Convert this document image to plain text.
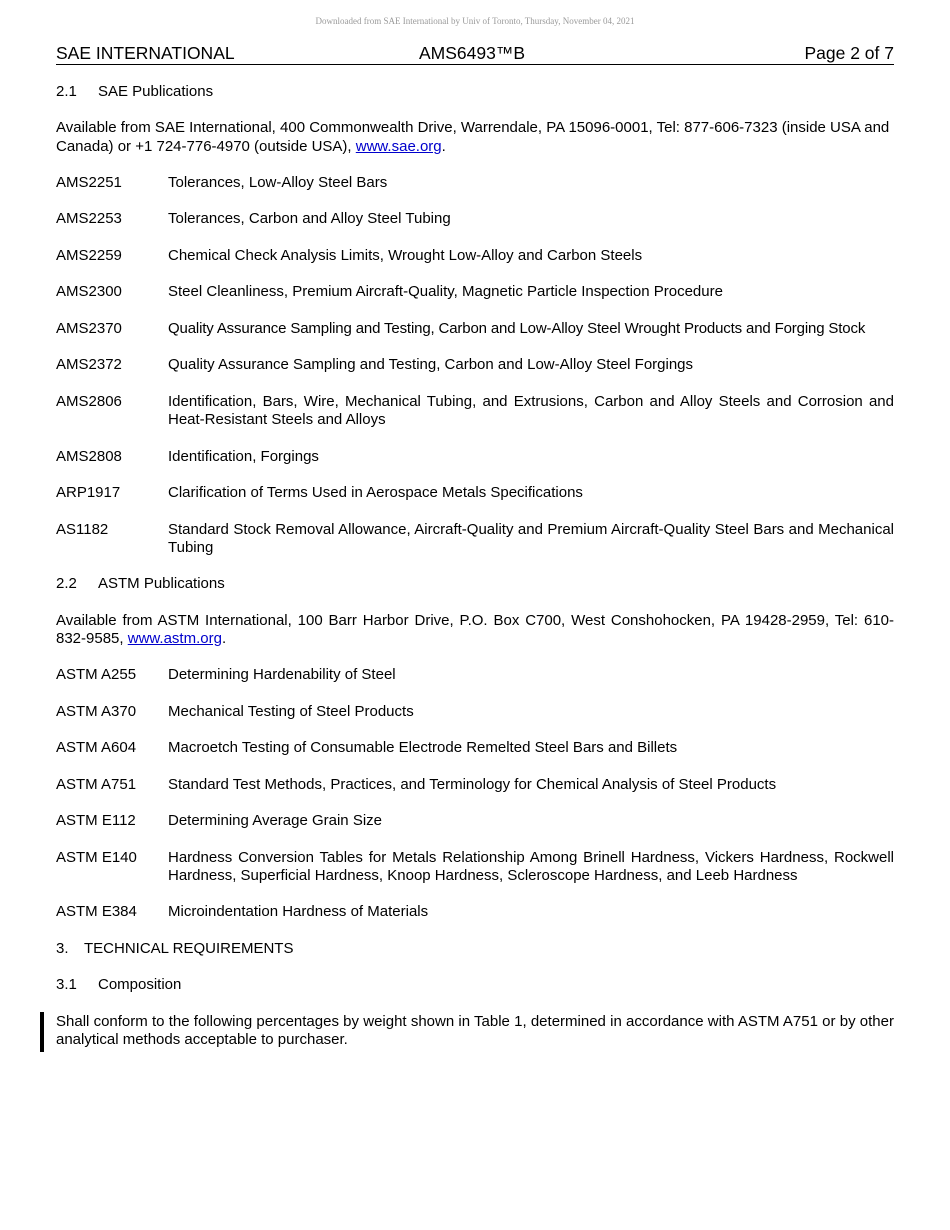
Downloaded from SAE International by Univ of Toronto, Thursday, November 04, 2021
SAE INTERNATIONAL	AMS6493™B	Page 2 of 7
2.1 SAE Publications
Available from SAE International, 400 Commonwealth Drive, Warrendale, PA 15096-0001, Tel: 877-606-7323 (inside USA and Canada) or +1 724-776-4970 (outside USA), www.sae.org.
AMS2251	Tolerances, Low-Alloy Steel Bars
AMS2253	Tolerances, Carbon and Alloy Steel Tubing
AMS2259	Chemical Check Analysis Limits, Wrought Low-Alloy and Carbon Steels
AMS2300	Steel Cleanliness, Premium Aircraft-Quality, Magnetic Particle Inspection Procedure
AMS2370	Quality Assurance Sampling and Testing, Carbon and Low-Alloy Steel Wrought Products and Forging Stock
AMS2372	Quality Assurance Sampling and Testing, Carbon and Low-Alloy Steel Forgings
AMS2806	Identification, Bars, Wire, Mechanical Tubing, and Extrusions, Carbon and Alloy Steels and Corrosion and Heat-Resistant Steels and Alloys
AMS2808	Identification, Forgings
ARP1917	Clarification of Terms Used in Aerospace Metals Specifications
AS1182	Standard Stock Removal Allowance, Aircraft-Quality and Premium Aircraft-Quality Steel Bars and Mechanical Tubing
2.2 ASTM Publications
Available from ASTM International, 100 Barr Harbor Drive, P.O. Box C700, West Conshohocken, PA 19428-2959, Tel: 610-832-9585, www.astm.org.
ASTM A255	Determining Hardenability of Steel
ASTM A370	Mechanical Testing of Steel Products
ASTM A604	Macroetch Testing of Consumable Electrode Remelted Steel Bars and Billets
ASTM A751	Standard Test Methods, Practices, and Terminology for Chemical Analysis of Steel Products
ASTM E112	Determining Average Grain Size
ASTM E140	Hardness Conversion Tables for Metals Relationship Among Brinell Hardness, Vickers Hardness, Rockwell Hardness, Superficial Hardness, Knoop Hardness, Scleroscope Hardness, and Leeb Hardness
ASTM E384	Microindentation Hardness of Materials
3. TECHNICAL REQUIREMENTS
3.1 Composition
Shall conform to the following percentages by weight shown in Table 1, determined in accordance with ASTM A751 or by other analytical methods acceptable to purchaser.
